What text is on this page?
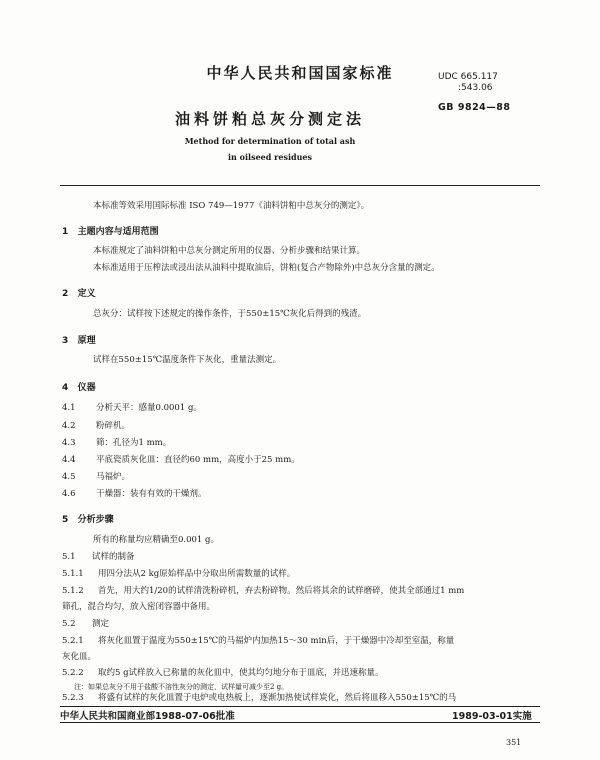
中华人民共和国国家标准	UDC 665.117
:543.06
GB 9824—88
油料饼粕总灰分测定法
Method for determination of total ash
in oilseed residues
本标准等效采用国际标准 ISO 749—1977《油料饼粕中总灰分的测定》。
1 主题内容与适用范围
本标准规定了油料饼粕中总灰分测定所用的仪器、分析步骤和结果计算。
本标准适用于压榨法或浸出法从油料中提取油后，饼粕(复合产物除外)中总灰分含量的测定。
2 定义
总灰分：试样按下述规定的操作条件，于550±15℃灰化后得到的残渣。
3 原理
试样在550±15℃温度条件下灰化，重量法测定。
4 仪器
4.1 分析天平：感量0.0001 g。
4.2 粉碎机。
4.3 筛：孔径为1 mm。
4.4 平底瓷质灰化皿：直径约60 mm，高度小于25 mm。
4.5 马福炉。
4.6 干燥器：装有有效的干燥剂。
5 分析步骤
所有的称量均应精确至0.001 g。
5.1 试样的制备
5.1.1 用四分法从2 kg原始样品中分取出所需数量的试样。
5.1.2 首先，用大约1/20的试样清洗粉碎机，弃去粉碎物。然后将其余的试样磨碎，使其全部通过1 mm
筛孔，混合均匀，放入密闭容器中备用。
5.2 测定
5.2.1 将灰化皿置于温度为550±15℃的马福炉内加热15～30 min后，于干燥器中冷却至室温，称量
灰化皿。
5.2.2 取约5 g试样放入已称量的灰化皿中，使其均匀地分布于皿底，并迅速称量。
注：如果总灰分不用于盐酸不溶性灰分的测定，试样量可减少至2 g。
中华人民共和国商业部1988-07-06批准	1989-03-01实施
351
5.2.3 将盛有试样的灰化皿置于电炉或电热板上，逐渐加热使试样炭化，然后将皿移入550±15℃的马
